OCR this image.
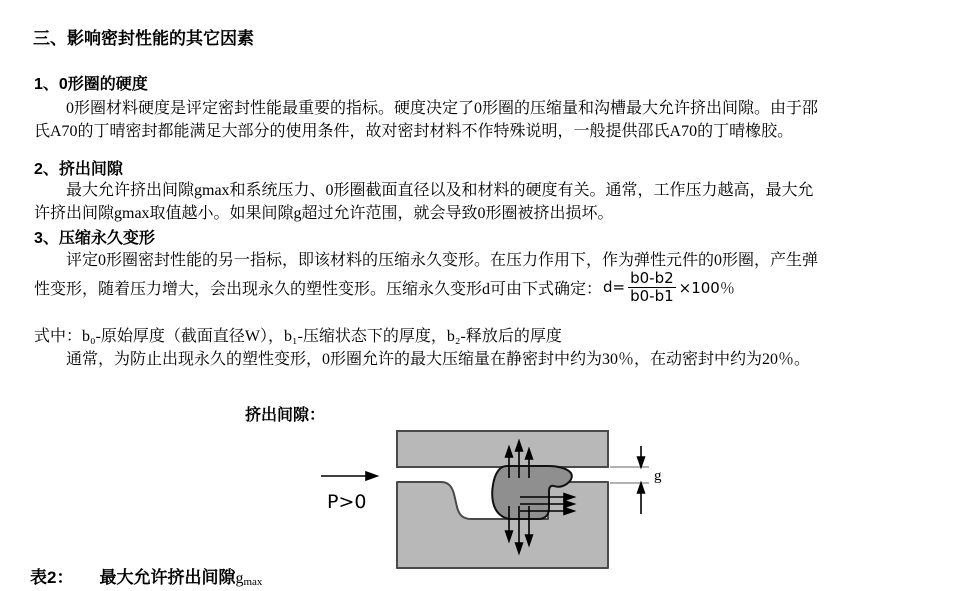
三、影响密封性能的其它因素
1、0形圈的硬度
0形圈材料硬度是评定密封性能最重要的指标。硬度决定了0形圈的压缩量和沟槽最大允许挤出间隙。由于邵
氏A70的丁晴密封都能满足大部分的使用条件，故对密封材料不作特殊说明，一般提供邵氏A70的丁晴橡胶。
2、挤出间隙
最大允许挤出间隙gmax和系统压力、0形圈截面直径以及和材料的硬度有关。通常，工作压力越高，最大允
许挤出间隙gmax取值越小。如果间隙g超过允许范围，就会导致0形圈被挤出损坏。
3、压缩永久变形
评定0形圈密封性能的另一指标，即该材料的压缩永久变形。在压力作用下，作为弹性元件的0形圈，产生弹
性变形，随着压力增大，会出现永久的塑性变形。压缩永久变形d可由下式确定： $d= \frac{b0-b2}{b0-b1} \times 100$％
式中：b₀-原始厚度（截面直径W），b₁-压缩状态下的厚度，b₂-释放后的厚度
通常，为防止出现永久的塑性变形，0形圈允许的最大压缩量在静密封中约为30％，在动密封中约为20％。
挤出间隙：
P>0
g
表2： 最大允许挤出间隙gmax
